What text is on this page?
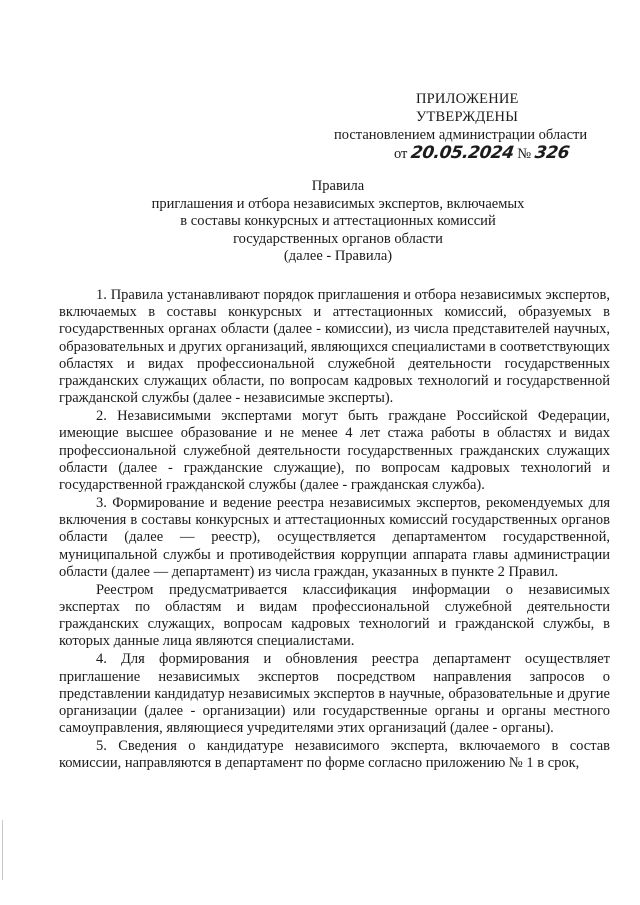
ПРИЛОЖЕНИЕ
УТВЕРЖДЕНЫ
постановлением администрации области
от 20.05.2024 № 326
Правила
приглашения и отбора независимых экспертов, включаемых
в составы конкурсных и аттестационных комиссий
государственных органов области
(далее - Правила)

1. Правила устанавливают порядок приглашения и отбора независимых экспертов, включаемых в составы конкурсных и аттестационных комиссий, образуемых в государственных органах области (далее - комиссии), из числа представителей научных, образовательных и других организаций, являющихся специалистами в соответствующих областях и видах профессиональной служебной деятельности государственных гражданских служащих области, по вопросам кадровых технологий и государственной гражданской службы (далее - независимые эксперты).

2. Независимыми экспертами могут быть граждане Российской Федерации, имеющие высшее образование и не менее 4 лет стажа работы в областях и видах профессиональной служебной деятельности государственных гражданских служащих области (далее - гражданские служащие), по вопросам кадровых технологий и государственной гражданской службы (далее - гражданская служба).

3. Формирование и ведение реестра независимых экспертов, рекомендуемых для включения в составы конкурсных и аттестационных комиссий государственных органов области (далее — реестр), осуществляется департаментом государственной, муниципальной службы и противодействия коррупции аппарата главы администрации области (далее — департамент) из числа граждан, указанных в пункте 2 Правил.

Реестром предусматривается классификация информации о независимых экспертах по областям и видам профессиональной служебной деятельности гражданских служащих, вопросам кадровых технологий и гражданской службы, в которых данные лица являются специалистами.

4. Для формирования и обновления реестра департамент осуществляет приглашение независимых экспертов посредством направления запросов о представлении кандидатур независимых экспертов в научные, образовательные и другие организации (далее - организации) или государственные органы и органы местного самоуправления, являющиеся учредителями этих организаций (далее - органы).

5. Сведения о кандидатуре независимого эксперта, включаемого в состав комиссии, направляются в департамент по форме согласно приложению № 1 в срок,
